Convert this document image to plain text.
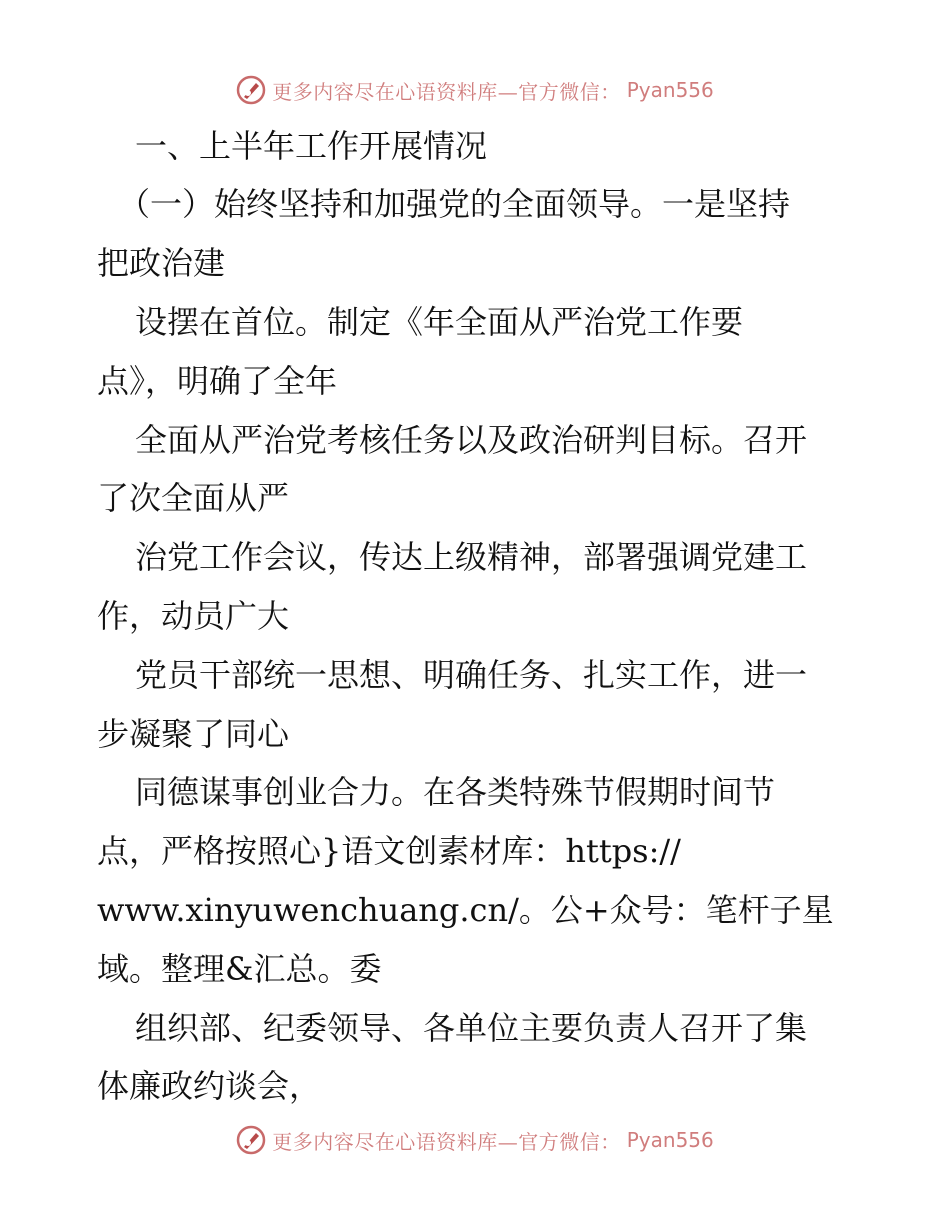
更多内容尽在心语资料库—官方微信： Pyan556
一、上半年工作开展情况
（一）始终坚持和加强党的全面领导。一是坚持
把政治建
设摆在首位。制定《年全面从严治党工作要
点》，明确了全年
全面从严治党考核任务以及政治研判目标。召开
了次全面从严
治党工作会议，传达上级精神，部署强调党建工
作，动员广大
党员干部统一思想、明确任务、扎实工作，进一
步凝聚了同心
同德谋事创业合力。在各类特殊节假期时间节
点，严格按照心}语文创素材库：https://
www.xinyuwenchuang.cn/。公+众号：笔杆子星
域。整理&汇总。委
组织部、纪委领导、各单位主要负责人召开了集
体廉政约谈会，
更多内容尽在心语资料库—官方微信： Pyan556
